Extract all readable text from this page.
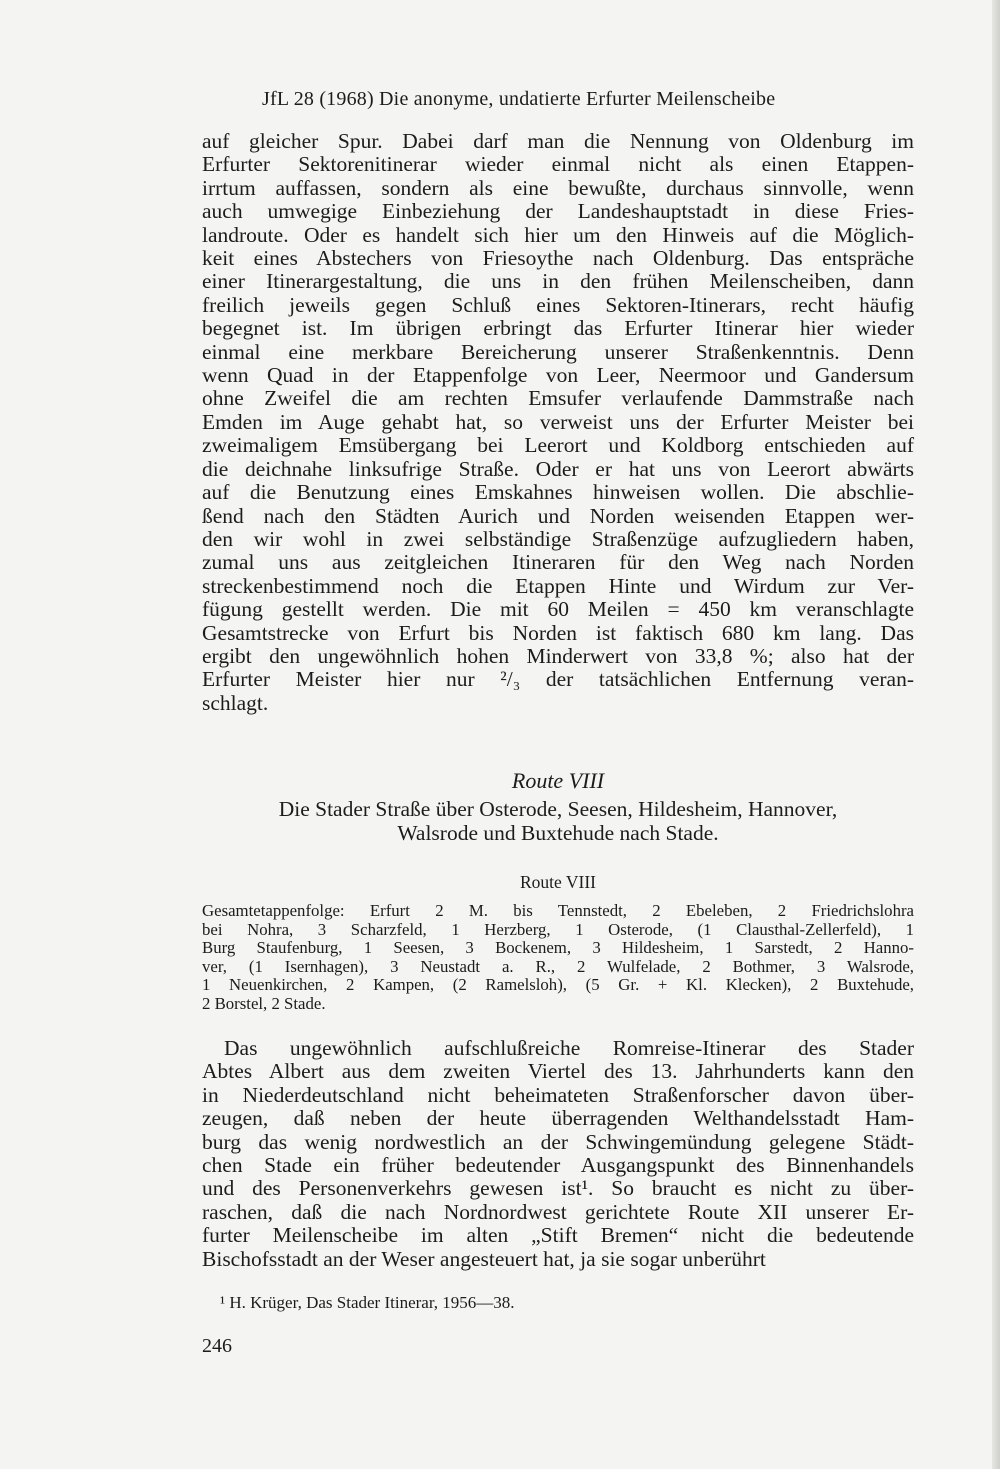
JfL 28 (1968) Die anonyme, undatierte Erfurter Meilenscheibe
auf gleicher Spur. Dabei darf man die Nennung von Oldenburg im
Erfurter Sektorenitinerar wieder einmal nicht als einen Etappen-
irrtum auffassen, sondern als eine bewußte, durchaus sinnvolle, wenn
auch umwegige Einbeziehung der Landeshauptstadt in diese Fries-
landroute. Oder es handelt sich hier um den Hinweis auf die Möglich-
keit eines Abstechers von Friesoythe nach Oldenburg. Das entspräche
einer Itinerargestaltung, die uns in den frühen Meilenscheiben, dann
freilich jeweils gegen Schluß eines Sektoren-Itinerars, recht häufig
begegnet ist. Im übrigen erbringt das Erfurter Itinerar hier wieder
einmal eine merkbare Bereicherung unserer Straßenkenntnis. Denn
wenn Quad in der Etappenfolge von Leer, Neermoor und Gandersum
ohne Zweifel die am rechten Emsufer verlaufende Dammstraße nach
Emden im Auge gehabt hat, so verweist uns der Erfurter Meister bei
zweimaligem Emsübergang bei Leerort und Koldborg entschieden auf
die deichnahe linksufrige Straße. Oder er hat uns von Leerort abwärts
auf die Benutzung eines Emskahnes hinweisen wollen. Die abschlie-
ßend nach den Städten Aurich und Norden weisenden Etappen wer-
den wir wohl in zwei selbständige Straßenzüge aufzugliedern haben,
zumal uns aus zeitgleichen Itineraren für den Weg nach Norden
streckenbestimmend noch die Etappen Hinte und Wirdum zur Ver-
fügung gestellt werden. Die mit 60 Meilen = 450 km veranschlagte
Gesamtstrecke von Erfurt bis Norden ist faktisch 680 km lang. Das
ergibt den ungewöhnlich hohen Minderwert von 33,8 %; also hat der
Erfurter Meister hier nur ²/₃ der tatsächlichen Entfernung veran-
schlagt.
Route VIII
Die Stader Straße über Osterode, Seesen, Hildesheim, Hannover,
Walsrode und Buxtehude nach Stade.
Route VIII
Gesamtetappenfolge: Erfurt 2 M. bis Tennstedt, 2 Ebeleben, 2 Friedrichslohra
bei Nohra, 3 Scharzfeld, 1 Herzberg, 1 Osterode, (1 Clausthal-Zellerfeld), 1
Burg Staufenburg, 1 Seesen, 3 Bockenem, 3 Hildesheim, 1 Sarstedt, 2 Hanno-
ver, (1 Isernhagen), 3 Neustadt a. R., 2 Wulfelade, 2 Bothmer, 3 Walsrode,
1 Neuenkirchen, 2 Kampen, (2 Ramelsloh), (5 Gr. + Kl. Klecken), 2 Buxtehude,
2 Borstel, 2 Stade.
Das ungewöhnlich aufschlußreiche Romreise-Itinerar des Stader
Abtes Albert aus dem zweiten Viertel des 13. Jahrhunderts kann den
in Niederdeutschland nicht beheimateten Straßenforscher davon über-
zeugen, daß neben der heute überragenden Welthandelsstadt Ham-
burg das wenig nordwestlich an der Schwingemündung gelegene Städt-
chen Stade ein früher bedeutender Ausgangspunkt des Binnenhandels
und des Personenverkehrs gewesen ist¹. So braucht es nicht zu über-
raschen, daß die nach Nordnordwest gerichtete Route XII unserer Er-
furter Meilenscheibe im alten „Stift Bremen“ nicht die bedeutende
Bischofsstadt an der Weser angesteuert hat, ja sie sogar unberührt
¹ H. Krüger, Das Stader Itinerar, 1956—38.
246
